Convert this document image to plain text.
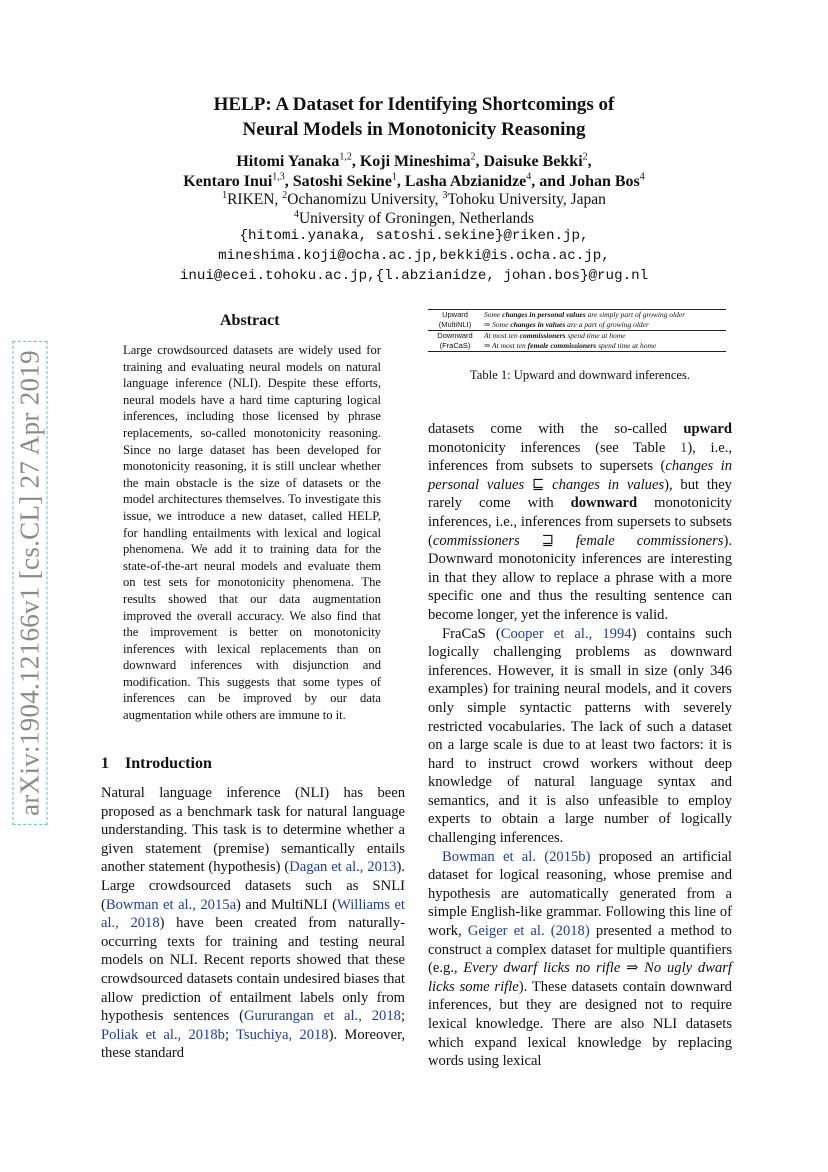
arXiv:1904.12166v1 [cs.CL] 27 Apr 2019
HELP: A Dataset for Identifying Shortcomings of
Neural Models in Monotonicity Reasoning
Hitomi Yanaka$^{1,2}$, Koji Mineshima$^2$, Daisuke Bekki$^2$,
Kentaro Inui$^{1,3}$, Satoshi Sekine$^1$, Lasha Abzianidze$^4$, and Johan Bos$^4$
$^1$RIKEN, $^2$Ochanomizu University, $^3$Tohoku University, Japan
$^4$University of Groningen, Netherlands
{hitomi.yanaka, satoshi.sekine}@riken.jp,
mineshima.koji@ocha.ac.jp,bekki@is.ocha.ac.jp,
inui@ecei.tohoku.ac.jp,{l.abzianidze, johan.bos}@rug.nl
Abstract
Large crowdsourced datasets are widely used for training and evaluating neural models on natural language inference (NLI). Despite these efforts, neural models have a hard time capturing logical inferences, including those licensed by phrase replacements, so-called monotonicity reasoning. Since no large dataset has been developed for monotonicity reasoning, it is still unclear whether the main obstacle is the size of datasets or the model architectures themselves. To investigate this issue, we introduce a new dataset, called HELP, for handling entailments with lexical and logical phenomena. We add it to training data for the state-of-the-art neural models and evaluate them on test sets for monotonicity phenomena. The results showed that our data augmentation improved the overall accuracy. We also find that the improvement is better on monotonicity inferences with lexical replacements than on downward inferences with disjunction and modification. This suggests that some types of inferences can be improved by our data augmentation while others are immune to it.
1 Introduction

Natural language inference (NLI) has been proposed as a benchmark task for natural language understanding. This task is to determine whether a given statement (premise) semantically entails another statement (hypothesis) (Dagan et al., 2013). Large crowdsourced datasets such as SNLI (Bowman et al., 2015a) and MultiNLI (Williams et al., 2018) have been created from naturally-occurring texts for training and testing neural models on NLI. Recent reports showed that these crowdsourced datasets contain undesired biases that allow prediction of entailment labels only from hypothesis sentences (Gururangan et al., 2018; Poliak et al., 2018b; Tsuchiya, 2018). Moreover, these standard

Upward	Some changes in personal values are simply part of growing older
(MultiNLI)	⇒ Some changes in values are a part of growing older
Downward	At most ten commissioners spend time at home
(FraCaS)	⇒ At most ten female commissioners spend time at home
Table 1: Upward and downward inferences.

datasets come with the so-called upward monotonicity inferences (see Table 1), i.e., inferences from subsets to supersets (changes in personal values ⊑ changes in values), but they rarely come with downward monotonicity inferences, i.e., inferences from supersets to subsets (commissioners ⊒ female commissioners). Downward monotonicity inferences are interesting in that they allow to replace a phrase with a more specific one and thus the resulting sentence can become longer, yet the inference is valid.

FraCaS (Cooper et al., 1994) contains such logically challenging problems as downward inferences. However, it is small in size (only 346 examples) for training neural models, and it covers only simple syntactic patterns with severely restricted vocabularies. The lack of such a dataset on a large scale is due to at least two factors: it is hard to instruct crowd workers without deep knowledge of natural language syntax and semantics, and it is also unfeasible to employ experts to obtain a large number of logically challenging inferences.

Bowman et al. (2015b) proposed an artificial dataset for logical reasoning, whose premise and hypothesis are automatically generated from a simple English-like grammar. Following this line of work, Geiger et al. (2018) presented a method to construct a complex dataset for multiple quantifiers (e.g., Every dwarf licks no rifle ⇒ No ugly dwarf licks some rifle). These datasets contain downward inferences, but they are designed not to require lexical knowledge. There are also NLI datasets which expand lexical knowledge by replacing words using lexical
